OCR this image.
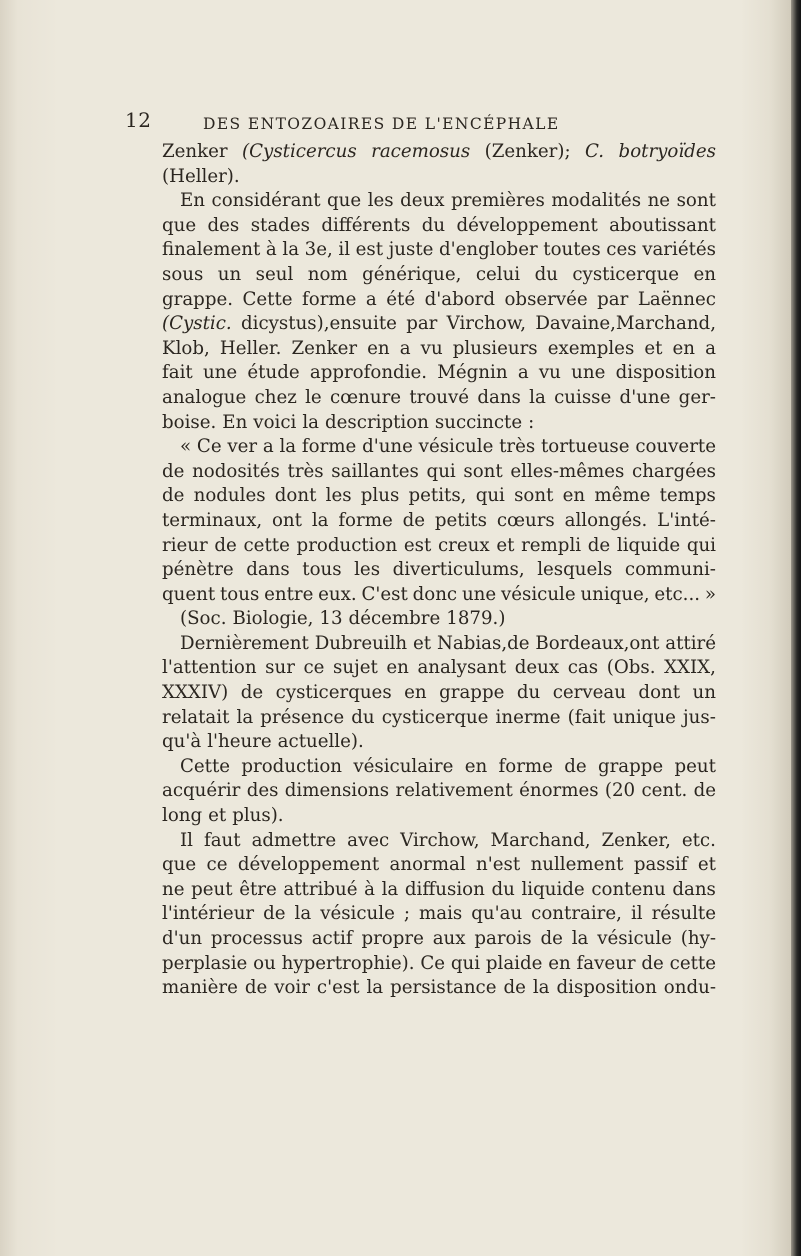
12	DES ENTOZOAIRES DE L'ENCÉPHALE
Zenker (Cysticercus racemosus (Zenker); C. botryoïdes
(Heller).
En considérant que les deux premières modalités ne sont
que des stades différents du développement aboutissant
finalement à la 3e, il est juste d'englober toutes ces variétés
sous un seul nom générique, celui du cysticerque en
grappe. Cette forme a été d'abord observée par Laënnec
(Cystic. dicystus),ensuite par Virchow, Davaine,Marchand,
Klob, Heller. Zenker en a vu plusieurs exemples et en a
fait une étude approfondie. Mégnin a vu une disposition
analogue chez le cœnure trouvé dans la cuisse d'une ger-
boise. En voici la description succincte :
« Ce ver a la forme d'une vésicule très tortueuse couverte
de nodosités très saillantes qui sont elles-mêmes chargées
de nodules dont les plus petits, qui sont en même temps
terminaux, ont la forme de petits cœurs allongés. L'inté-
rieur de cette production est creux et rempli de liquide qui
pénètre dans tous les diverticulums, lesquels communi-
quent tous entre eux. C'est donc une vésicule unique, etc... »
(Soc. Biologie, 13 décembre 1879.)
Dernièrement Dubreuilh et Nabias,de Bordeaux,ont attiré
l'attention sur ce sujet en analysant deux cas (Obs. XXIX,
XXXIV) de cysticerques en grappe du cerveau dont un
relatait la présence du cysticerque inerme (fait unique jus-
qu'à l'heure actuelle).
Cette production vésiculaire en forme de grappe peut
acquérir des dimensions relativement énormes (20 cent. de
long et plus).
Il faut admettre avec Virchow, Marchand, Zenker, etc.
que ce développement anormal n'est nullement passif et
ne peut être attribué à la diffusion du liquide contenu dans
l'intérieur de la vésicule ; mais qu'au contraire, il résulte
d'un processus actif propre aux parois de la vésicule (hy-
perplasie ou hypertrophie). Ce qui plaide en faveur de cette
manière de voir c'est la persistance de la disposition ondu-
